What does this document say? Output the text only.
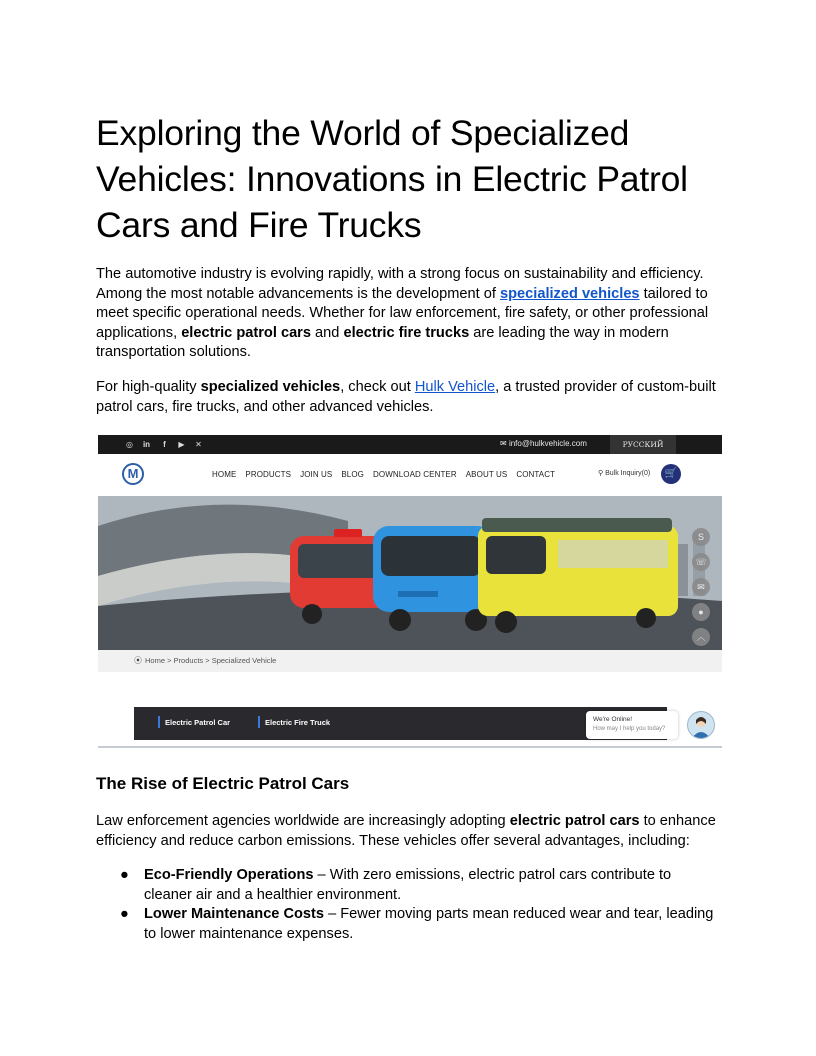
Exploring the World of Specialized Vehicles: Innovations in Electric Patrol Cars and Fire Trucks

The automotive industry is evolving rapidly, with a strong focus on sustainability and efficiency. Among the most notable advancements is the development of specialized vehicles tailored to meet specific operational needs. Whether for law enforcement, fire safety, or other professional applications, electric patrol cars and electric fire trucks are leading the way in modern transportation solutions.

For high-quality specialized vehicles, check out Hulk Vehicle, a trusted provider of custom-built patrol cars, fire trucks, and other advanced vehicles.

◎ in	f	▶	✕	✉ info@hulkvehicle.com	РУССКИЙ
M	HOME PRODUCTS JOIN US BLOG DOWNLOAD CENTER ABOUT US CONTACT	⚲ Bulk Inquiry(0)	🛒
S
☏
✉
●
︿
⦿ Home > Products > Specialized Vehicle
Electric Patrol Car	Electric Fire Truck	We're Online!
How may I help you today?
The Rise of Electric Patrol Cars

Law enforcement agencies worldwide are increasingly adopting electric patrol cars to enhance efficiency and reduce carbon emissions. These vehicles offer several advantages, including:

● Eco-Friendly Operations – With zero emissions, electric patrol cars contribute to cleaner air and a healthier environment.
● Lower Maintenance Costs – Fewer moving parts mean reduced wear and tear, leading to lower maintenance expenses.
